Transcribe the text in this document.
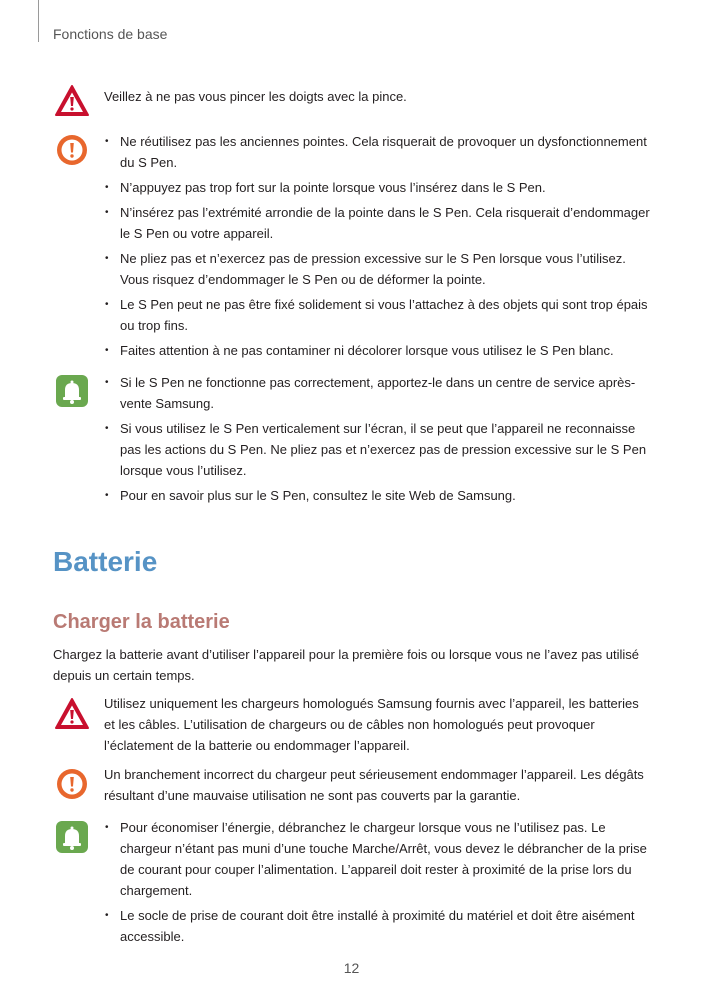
Fonctions de base
Veillez à ne pas vous pincer les doigts avec la pince.
• Ne réutilisez pas les anciennes pointes. Cela risquerait de provoquer un dysfonctionnement du S Pen.
• N’appuyez pas trop fort sur la pointe lorsque vous l’insérez dans le S Pen.
• N’insérez pas l’extrémité arrondie de la pointe dans le S Pen. Cela risquerait d’endommager le S Pen ou votre appareil.
• Ne pliez pas et n’exercez pas de pression excessive sur le S Pen lorsque vous l’utilisez. Vous risquez d’endommager le S Pen ou de déformer la pointe.
• Le S Pen peut ne pas être fixé solidement si vous l’attachez à des objets qui sont trop épais ou trop fins.
• Faites attention à ne pas contaminer ni décolorer lorsque vous utilisez le S Pen blanc.
• Si le S Pen ne fonctionne pas correctement, apportez-le dans un centre de service après-vente Samsung.
• Si vous utilisez le S Pen verticalement sur l’écran, il se peut que l’appareil ne reconnaisse pas les actions du S Pen. Ne pliez pas et n’exercez pas de pression excessive sur le S Pen lorsque vous l’utilisez.
• Pour en savoir plus sur le S Pen, consultez le site Web de Samsung.
Batterie
Charger la batterie
Chargez la batterie avant d’utiliser l’appareil pour la première fois ou lorsque vous ne l’avez pas utilisé depuis un certain temps.
Utilisez uniquement les chargeurs homologués Samsung fournis avec l’appareil, les batteries et les câbles. L’utilisation de chargeurs ou de câbles non homologués peut provoquer l’éclatement de la batterie ou endommager l’appareil.
Un branchement incorrect du chargeur peut sérieusement endommager l’appareil. Les dégâts résultant d’une mauvaise utilisation ne sont pas couverts par la garantie.
• Pour économiser l’énergie, débranchez le chargeur lorsque vous ne l’utilisez pas. Le chargeur n’étant pas muni d’une touche Marche/Arrêt, vous devez le débrancher de la prise de courant pour couper l’alimentation. L’appareil doit rester à proximité de la prise lors du chargement.
• Le socle de prise de courant doit être installé à proximité du matériel et doit être aisément accessible.
12
